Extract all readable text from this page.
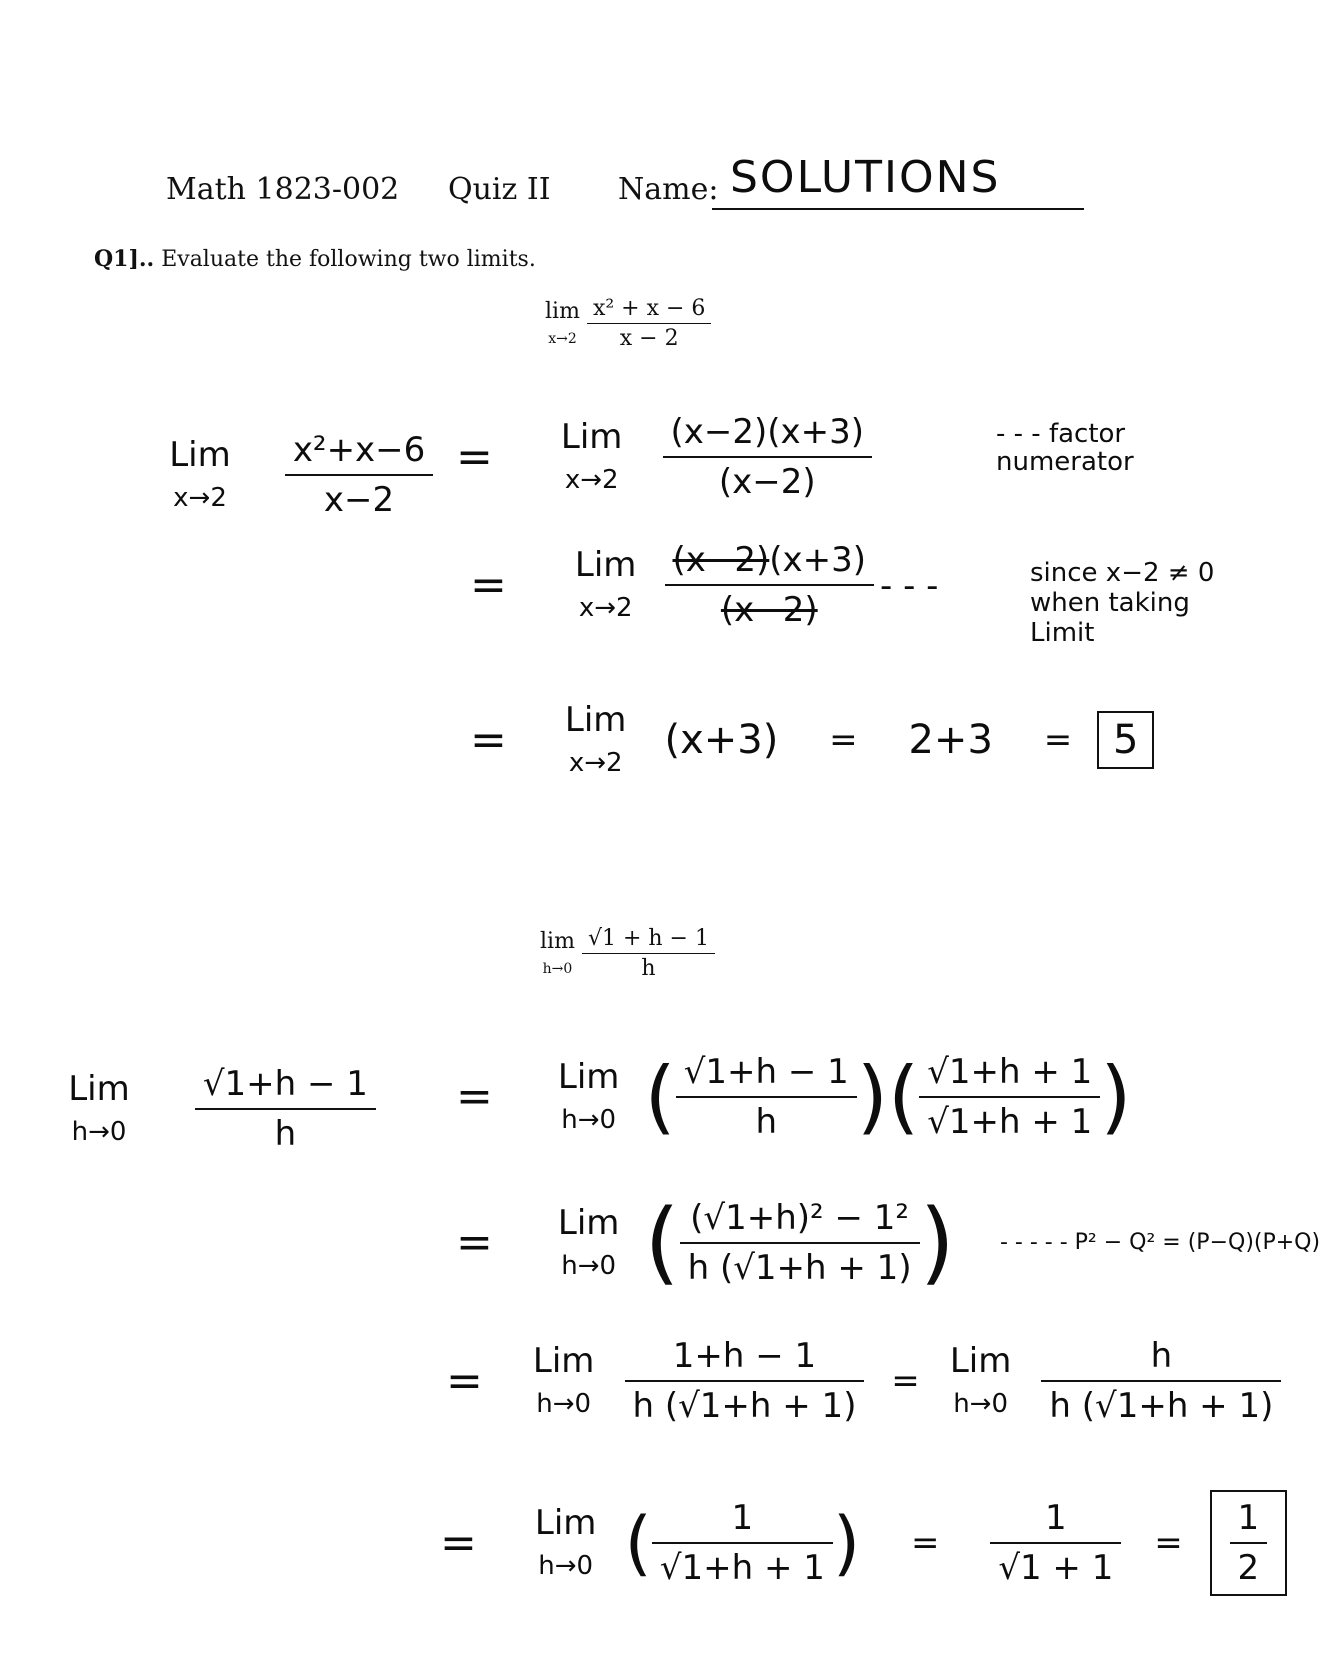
Math 1823-002 Quiz II Name: SOLUTIONS
Q1].. Evaluate the following two limits.
lim
$x\to 2 \frac{\text{x² + x − 6}}{x - 2}$
Lim
$x\to 2 \frac{\text{x²+x−6}}{x-2}$ = Lim
$x\to 2 \frac{(x-2)(x+3)}{(x-2)}$	- - - factor numerator
= Lim
$x\to 2 \frac{(x-2)(x+3)}{(x-2)}$ - - -	since x−2 ≠ 0 when taking Limit
= Lim
x→2 (x+3) = 2+3 = 5
lim
$h\to 0 \frac{√1 + h - 1}{h}$
Lim
$h\to 0 \frac{√1+h - 1}{h}$ = Lim
h→0 ( $\frac{√1+h - 1}{h}$ )( $\frac{√1+h + 1}{√1+h + 1}$ )
= Lim
h→0 ( $\frac{\text{(√1+h)² − 1²}}{h (√1+h + 1)}$ ) - - - - - P² − Q² = (P−Q)(P+Q)
= Lim
$h\to 0 \frac{1+h - 1}{h (√1+h + 1)}$ = Lim
$h\to 0 \frac{h}{h (√1+h + 1)}$
= Lim
h→0 ( $\frac{1}{√1+h + 1}$ ) = $\frac{1}{√1 + 1} = \frac{1}{2}$
